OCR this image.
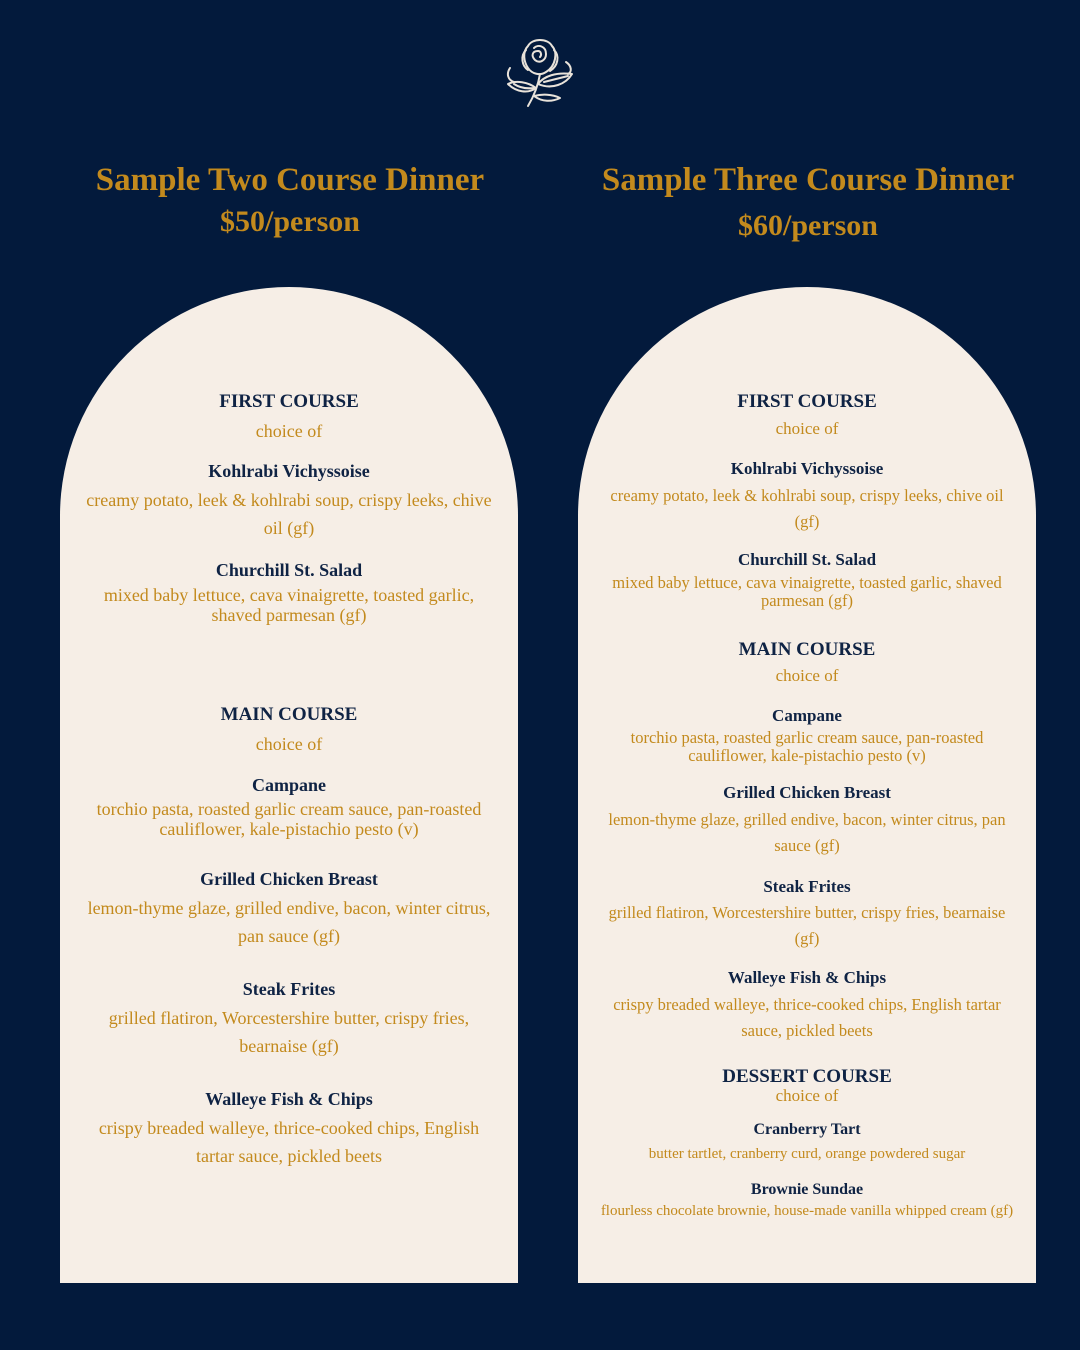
Sample Two Course Dinner
$50/person
Sample Three Course Dinner
$60/person

FIRST COURSE

choice of

Kohlrabi Vichyssoise

creamy potato, leek & kohlrabi soup, crispy leeks, chive oil (gf)

Churchill St. Salad

mixed baby lettuce, cava vinaigrette, toasted garlic, shaved parmesan (gf)

MAIN COURSE

choice of

Campane

torchio pasta, roasted garlic cream sauce, pan-roasted cauliflower, kale-pistachio pesto (v)

Grilled Chicken Breast

lemon-thyme glaze, grilled endive, bacon, winter citrus, pan sauce (gf)

Steak Frites

grilled flatiron, Worcestershire butter, crispy fries, bearnaise (gf)

Walleye Fish & Chips

crispy breaded walleye, thrice-cooked chips, English tartar sauce, pickled beets

FIRST COURSE

choice of

Kohlrabi Vichyssoise

creamy potato, leek & kohlrabi soup, crispy leeks, chive oil (gf)

Churchill St. Salad

mixed baby lettuce, cava vinaigrette, toasted garlic, shaved parmesan (gf)

MAIN COURSE

choice of

Campane

torchio pasta, roasted garlic cream sauce, pan-roasted cauliflower, kale-pistachio pesto (v)

Grilled Chicken Breast

lemon-thyme glaze, grilled endive, bacon, winter citrus, pan sauce (gf)

Steak Frites

grilled flatiron, Worcestershire butter, crispy fries, bearnaise (gf)

Walleye Fish & Chips

crispy breaded walleye, thrice-cooked chips, English tartar sauce, pickled beets

DESSERT COURSE

choice of

Cranberry Tart

butter tartlet, cranberry curd, orange powdered sugar

Brownie Sundae

flourless chocolate brownie, house-made vanilla whipped cream (gf)
